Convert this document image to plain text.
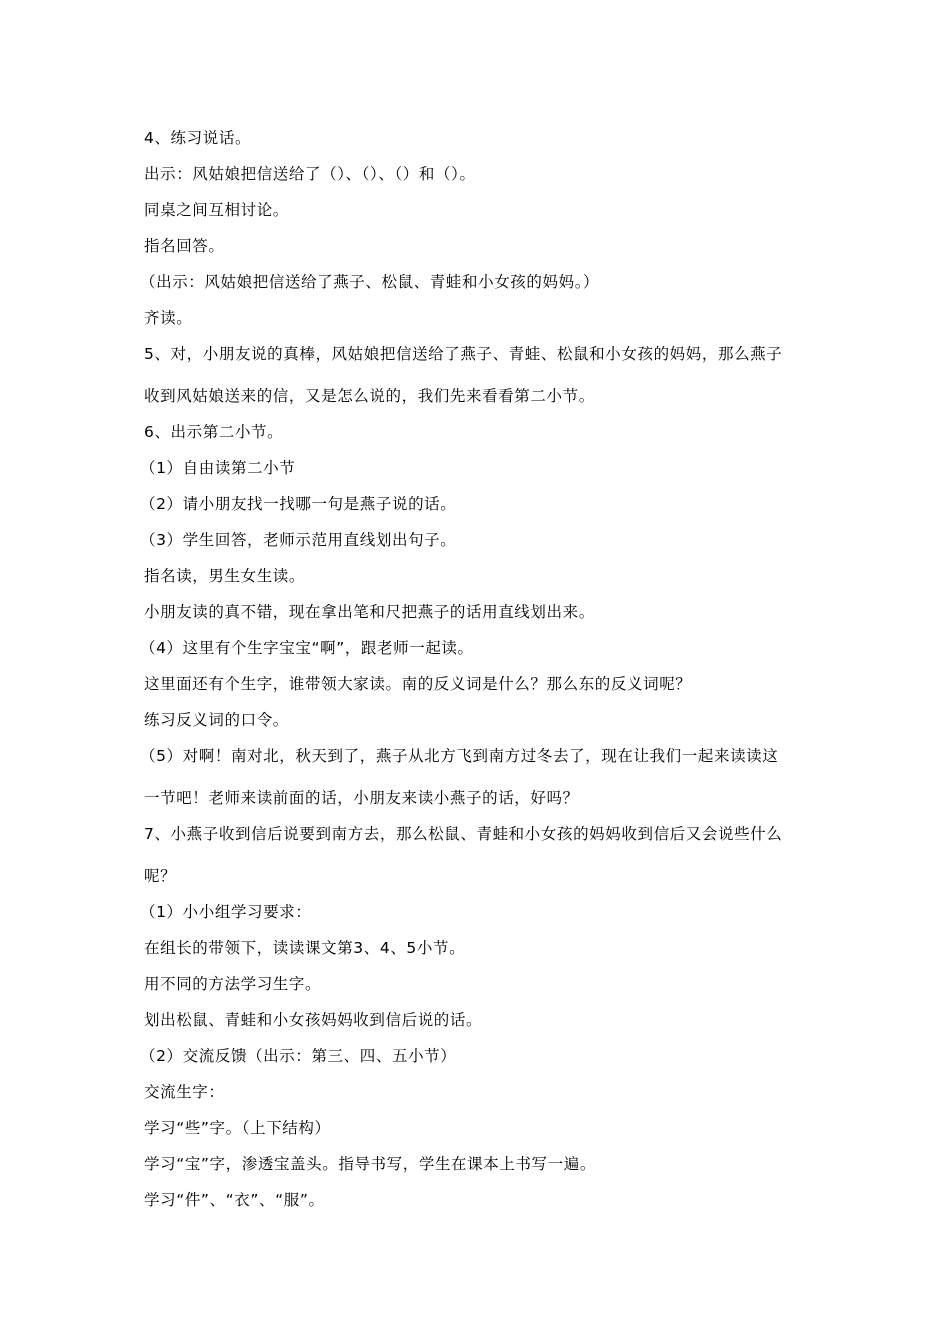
4、练习说话。
出示：风姑娘把信送给了（）、（）、（）和（）。
同桌之间互相讨论。
指名回答。
（出示：风姑娘把信送给了燕子、松鼠、青蛙和小女孩的妈妈。）
齐读。
5、对，小朋友说的真棒，风姑娘把信送给了燕子、青蛙、松鼠和小女孩的妈妈，那么燕子
收到风姑娘送来的信，又是怎么说的，我们先来看看第二小节。
6、出示第二小节。
（1）自由读第二小节
（2）请小朋友找一找哪一句是燕子说的话。
（3）学生回答，老师示范用直线划出句子。
指名读，男生女生读。
小朋友读的真不错，现在拿出笔和尺把燕子的话用直线划出来。
（4）这里有个生字宝宝“啊”，跟老师一起读。
这里面还有个生字，谁带领大家读。南的反义词是什么？那么东的反义词呢？
练习反义词的口令。
（5）对啊！南对北，秋天到了，燕子从北方飞到南方过冬去了，现在让我们一起来读读这
一节吧！老师来读前面的话，小朋友来读小燕子的话，好吗？
7、小燕子收到信后说要到南方去，那么松鼠、青蛙和小女孩的妈妈收到信后又会说些什么
呢？
（1）小小组学习要求：
在组长的带领下，读读课文第3、4、5小节。
用不同的方法学习生字。
划出松鼠、青蛙和小女孩妈妈收到信后说的话。
（2）交流反馈（出示：第三、四、五小节）
交流生字：
学习“些”字。（上下结构）
学习“宝”字，渗透宝盖头。指导书写，学生在课本上书写一遍。
学习“件”、“衣”、“服”。
